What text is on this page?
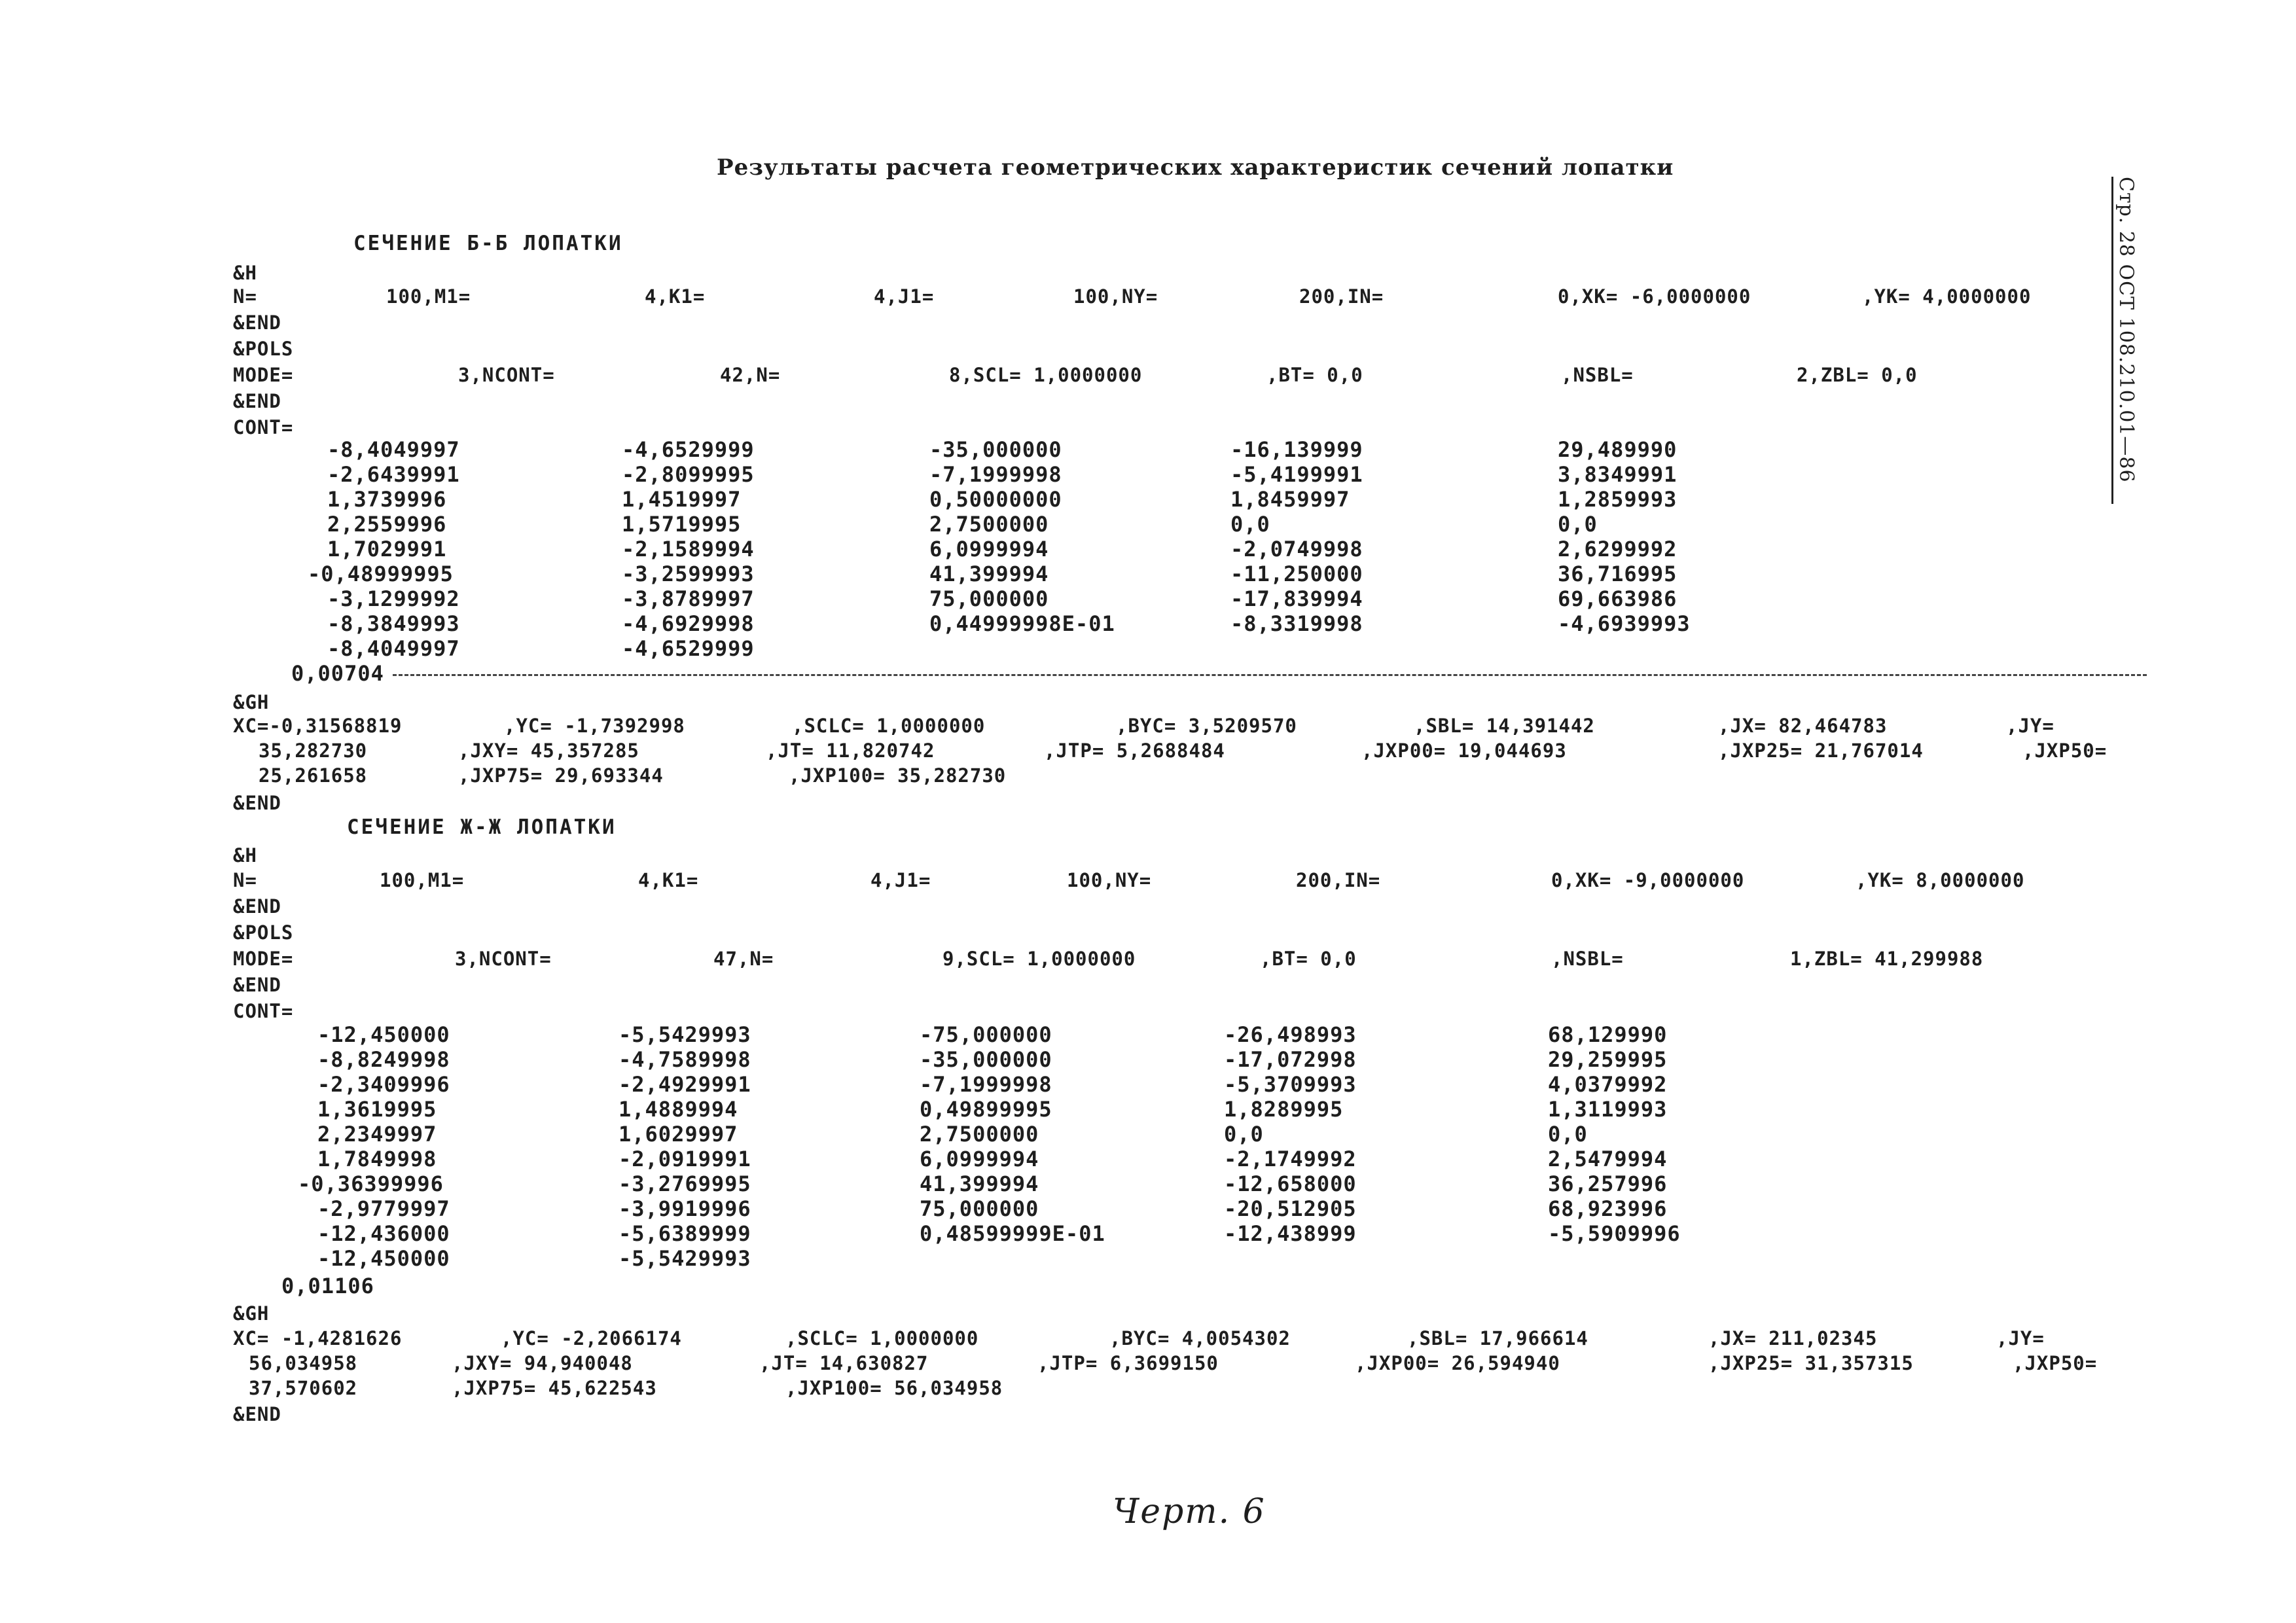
Результаты расчета геометрических характеристик сечений лопатки
Стр. 28 ОСТ 108.210.01—86
СЕЧЕНИЕ Б-Б ЛОПАТКИ
&H
N=	100,M1=	4,K1=	4,J1=	100,NY=	200,IN=	0,XK= -6,0000000	,YK= 4,0000000
&END
&POLS
MODE=	3,NCONT=	42,N=	8,SCL= 1,0000000	,BT= 0,0	,NSBL=	2,ZBL= 0,0
&END
CONT=
-8,4049997	-4,6529999	-35,000000	-16,139999	29,489990
-2,6439991	-2,8099995	-7,1999998	-5,4199991	3,8349991
1,3739996	1,4519997	0,50000000	1,8459997	1,2859993
2,2559996	1,5719995	2,7500000	0,0	0,0
1,7029991	-2,1589994	6,0999994	-2,0749998	2,6299992
-0,48999995	-3,2599993	41,399994	-11,250000	36,716995
-3,1299992	-3,8789997	75,000000	-17,839994	69,663986
-8,3849993	-4,6929998	0,44999998E-01	-8,3319998	-4,6939993
-8,4049997	-4,6529999
0,00704
&GH
XC=-0,31568819	,YC= -1,7392998	,SCLC= 1,0000000	,BYC= 3,5209570	,SBL= 14,391442	,JX= 82,464783	,JY=
35,282730	,JXY= 45,357285	,JT= 11,820742	,JTP= 5,2688484	,JXP00= 19,044693	,JXP25= 21,767014	,JXP50=
25,261658	,JXP75= 29,693344	,JXP100= 35,282730
&END
СЕЧЕНИЕ Ж-Ж ЛОПАТКИ
&H
N=	100,M1=	4,K1=	4,J1=	100,NY=	200,IN=	0,XK= -9,0000000	,YK= 8,0000000
&END
&POLS
MODE=	3,NCONT=	47,N=	9,SCL= 1,0000000	,BT= 0,0	,NSBL=	1,ZBL= 41,299988
&END
CONT=
-12,450000	-5,5429993	-75,000000	-26,498993	68,129990
-8,8249998	-4,7589998	-35,000000	-17,072998	29,259995
-2,3409996	-2,4929991	-7,1999998	-5,3709993	4,0379992
1,3619995	1,4889994	0,49899995	1,8289995	1,3119993
2,2349997	1,6029997	2,7500000	0,0	0,0
1,7849998	-2,0919991	6,0999994	-2,1749992	2,5479994
-0,36399996	-3,2769995	41,399994	-12,658000	36,257996
-2,9779997	-3,9919996	75,000000	-20,512905	68,923996
-12,436000	-5,6389999	0,48599999E-01	-12,438999	-5,5909996
-12,450000	-5,5429993
0,01106
&GH
XC= -1,4281626	,YC= -2,2066174	,SCLC= 1,0000000	,BYC= 4,0054302	,SBL= 17,966614	,JX= 211,02345	,JY=
56,034958	,JXY= 94,940048	,JT= 14,630827	,JTP= 6,3699150	,JXP00= 26,594940	,JXP25= 31,357315	,JXP50=
37,570602	,JXP75= 45,622543	,JXP100= 56,034958
&END
Черт. 6
